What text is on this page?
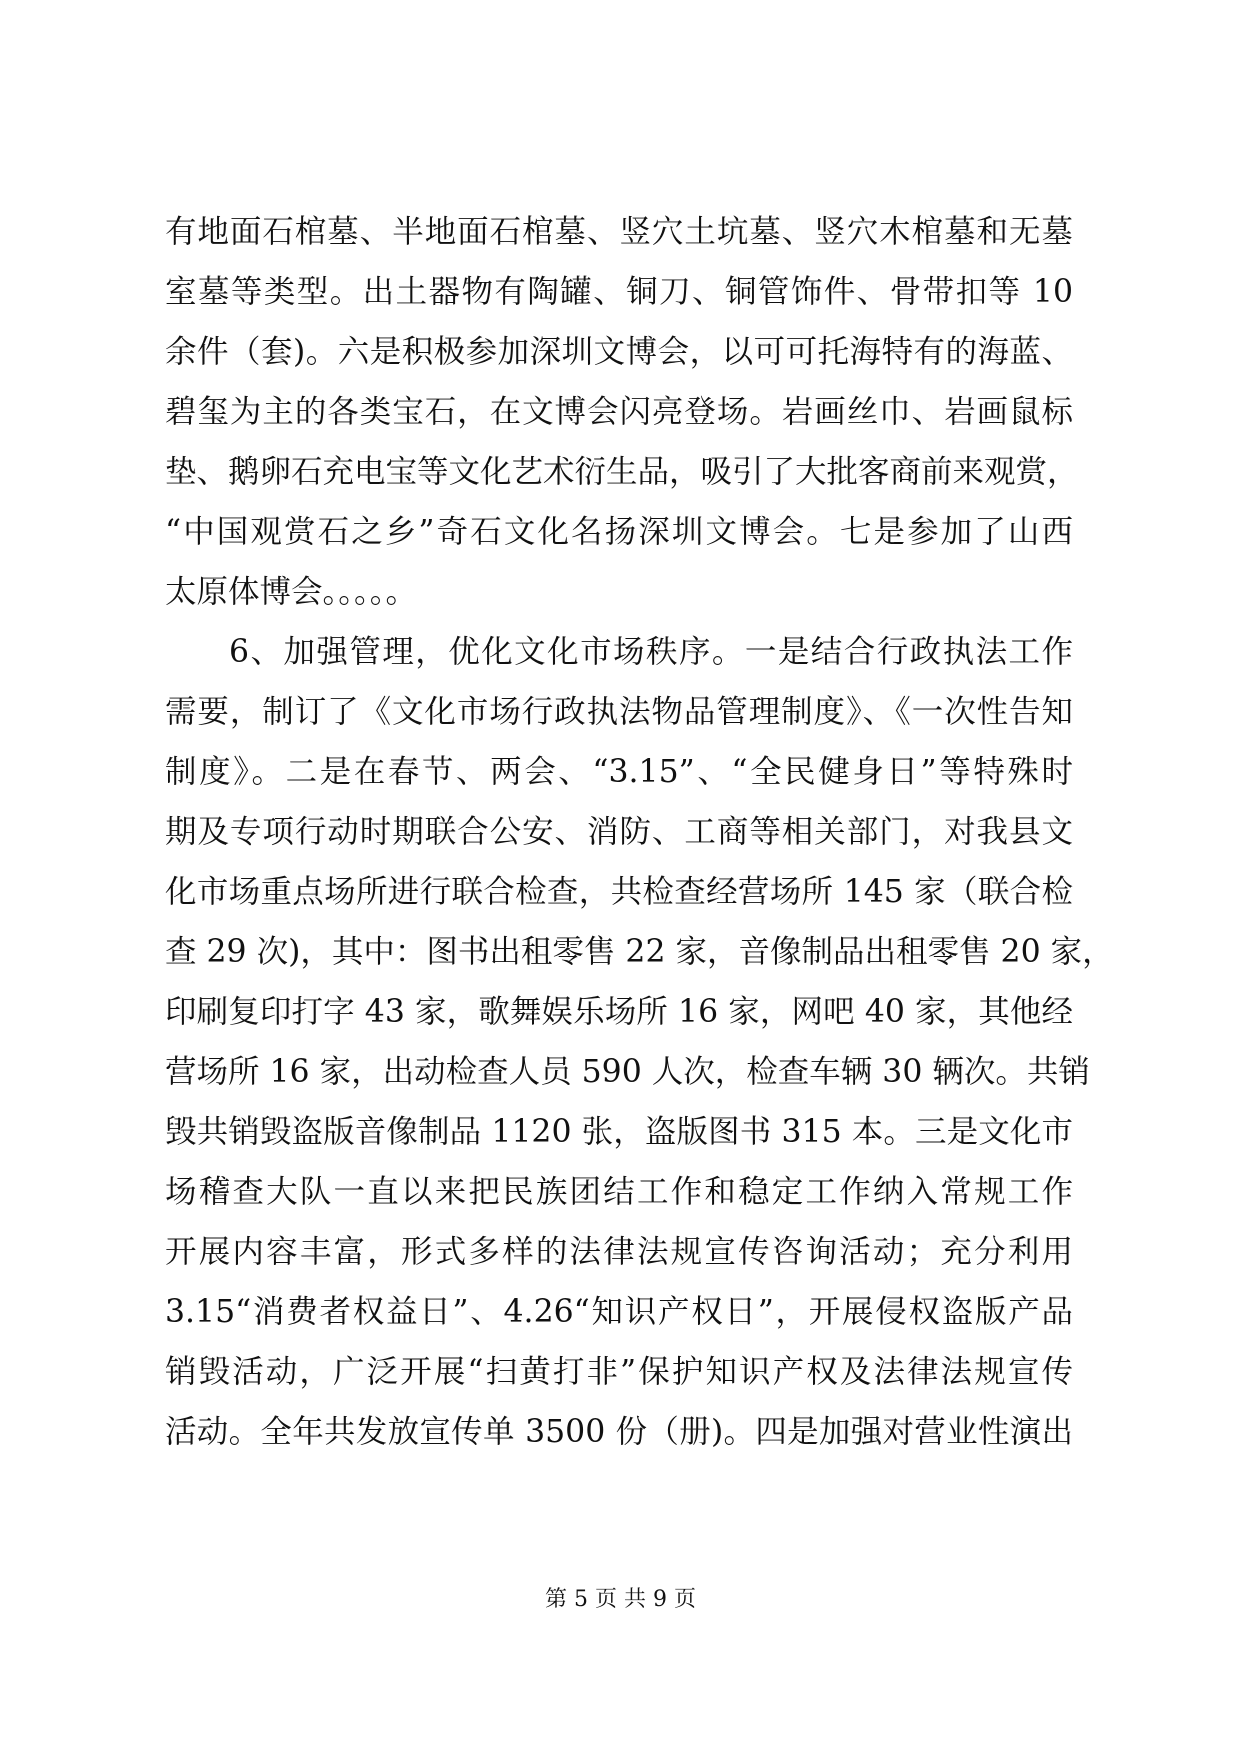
有地面石棺墓、半地面石棺墓、竖穴土坑墓、竖穴木棺墓和无墓
室墓等类型。出土器物有陶罐、铜刀、铜管饰件、骨带扣等 10
余件（套)。六是积极参加深圳文博会，以可可托海特有的海蓝、
碧玺为主的各类宝石，在文博会闪亮登场。岩画丝巾、岩画鼠标
垫、鹅卵石充电宝等文化艺术衍生品，吸引了大批客商前来观赏，
“中国观赏石之乡”奇石文化名扬深圳文博会。七是参加了山西
太原体博会。。。。。
6、加强管理，优化文化市场秩序。一是结合行政执法工作
需要，制订了《文化市场行政执法物品管理制度》、《一次性告知
制度》。二是在春节、两会、“3.15”、“全民健身日”等特殊时
期及专项行动时期联合公安、消防、工商等相关部门，对我县文
化市场重点场所进行联合检查，共检查经营场所 145 家（联合检
查 29 次)，其中：图书出租零售 22 家，音像制品出租零售 20 家，
印刷复印打字 43 家，歌舞娱乐场所 16 家，网吧 40 家，其他经
营场所 16 家，出动检查人员 590 人次，检查车辆 30 辆次。共销
毁共销毁盗版音像制品 1120 张，盗版图书 315 本。三是文化市
场稽查大队一直以来把民族团结工作和稳定工作纳入常规工作
开展内容丰富，形式多样的法律法规宣传咨询活动；充分利用
3.15“消费者权益日”、4.26“知识产权日”，开展侵权盗版产品
销毁活动，广泛开展“扫黄打非”保护知识产权及法律法规宣传
活动。全年共发放宣传单 3500 份（册)。四是加强对营业性演出
第 5 页 共 9 页
